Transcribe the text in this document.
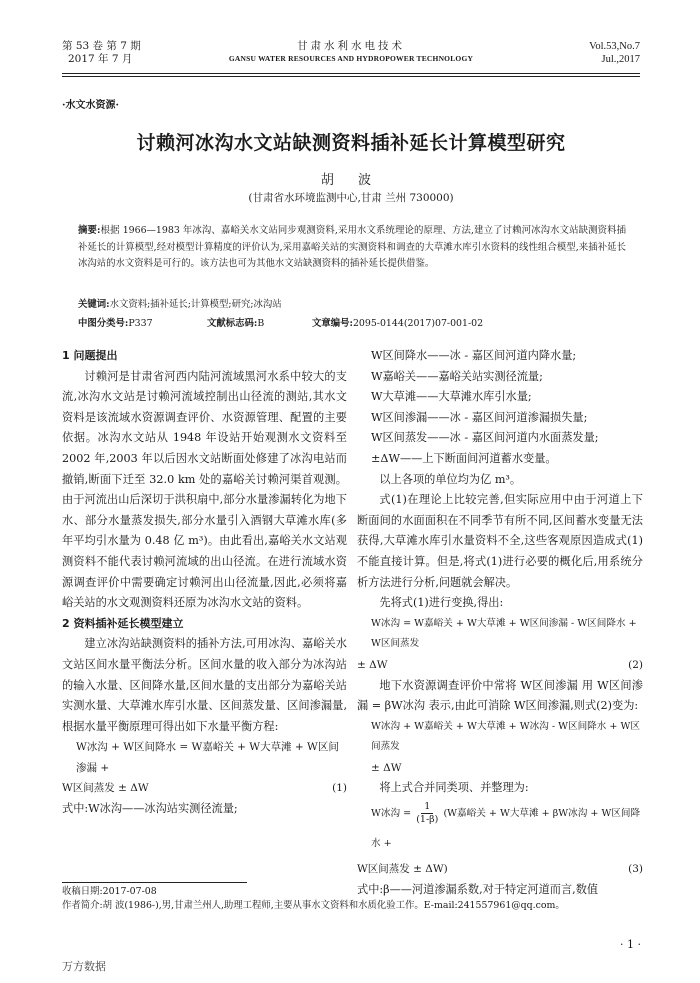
第 53 卷 第 7 期
2017 年 7 月
甘肃水利水电技术
GANSU WATER RESOURCES AND HYDROPOWER TECHNOLOGY
Vol.53,No.7
Jul.,2017
·水文水资源·
讨赖河冰沟水文站缺测资料插补延长计算模型研究
胡 波
(甘肃省水环境监测中心,甘肃 兰州 730000)
摘要:根据 1966—1983 年冰沟、嘉峪关水文站同步观测资料,采用水文系统理论的原理、方法,建立了讨赖河冰沟水文站缺测资料插补延长的计算模型,经对模型计算精度的评价认为,采用嘉峪关站的实测资料和调查的大草滩水库引水资料的线性组合模型,来插补延长冰沟站的水文资料是可行的。该方法也可为其他水文站缺测资料的插补延长提供借鉴。
关键词:水文资料;插补延长;计算模型;研究;冰沟站
中图分类号:P337	文献标志码:B	文章编号:2095-0144(2017)07-001-02
1 问题提出
讨赖河是甘肃省河西内陆河流域黑河水系中较大的支流,冰沟水文站是讨赖河流域控制出山径流的测站,其水文资料是该流域水资源调查评价、水资源管理、配置的主要依据。冰沟水文站从 1948 年设站开始观测水文资料至 2002 年,2003 年以后因水文站断面处修建了冰沟电站而撤销,断面下迁至 32.0 km 处的嘉峪关讨赖河渠首观测。由于河流出山后深切于洪积扇中,部分水量渗漏转化为地下水、部分水量蒸发损失,部分水量引入酒钢大草滩水库(多年平均引水量为 0.48 亿 m³)。由此看出,嘉峪关水文站观测资料不能代表讨赖河流域的出山径流。在进行流域水资源调查评价中需要确定讨赖河出山径流量,因此,必须将嘉峪关站的水文观测资料还原为冰沟水文站的资料。
2 资料插补延长模型建立
建立冰沟站缺测资料的插补方法,可用冰沟、嘉峪关水文站区间水量平衡法分析。区间水量的收入部分为冰沟站的输入水量、区间降水量,区间水量的支出部分为嘉峪关站实测水量、大草滩水库引水量、区间蒸发量、区间渗漏量,根据水量平衡原理可得出如下水量平衡方程:
W冰沟 + W区间降水 = W嘉峪关 + W大草滩 + W区间渗漏 +
W区间蒸发 ± ΔW	(1)
式中:W冰沟——冰沟站实测径流量;
W区间降水——冰 - 嘉区间河道内降水量;
W嘉峪关——嘉峪关站实测径流量;
W大草滩——大草滩水库引水量;
W区间渗漏——冰 - 嘉区间河道渗漏损失量;
W区间蒸发——冰 - 嘉区间河道内水面蒸发量;
±ΔW——上下断面间河道蓄水变量。
以上各项的单位均为亿 m³。
式(1)在理论上比较完善,但实际应用中由于河道上下断面间的水面面积在不同季节有所不同,区间蓄水变量无法获得,大草滩水库引水量资料不全,这些客观原因造成式(1)不能直接计算。但是,将式(1)进行必要的概化后,用系统分析方法进行分析,问题就会解决。
先将式(1)进行变换,得出:
W冰沟 = W嘉峪关 + W大草滩 + W区间渗漏 - W区间降水 + W区间蒸发
± ΔW	(2)
地下水资源调查评价中常将 W区间渗漏 用 W区间渗漏 = βW冰沟 表示,由此可消除 W区间渗漏,则式(2)变为:
W冰沟 + W嘉峪关 + W大草滩 + W冰沟 - W区间降水 + W区间蒸发
± ΔW
将上式合并同类项、并整理为:
W冰沟 = $\frac{1}{(1-\beta)} (W$嘉峪关 + W大草滩 + βW冰沟 + W区间降水 +
W区间蒸发 ± ΔW)	(3)
式中:β——河道渗漏系数,对于特定河道而言,数值
收稿日期:2017-07-08
作者简介:胡 波(1986-),男,甘肃兰州人,助理工程师,主要从事水文资料和水质化验工作。E-mail:241557961@qq.com。
· 1 ·
万方数据
